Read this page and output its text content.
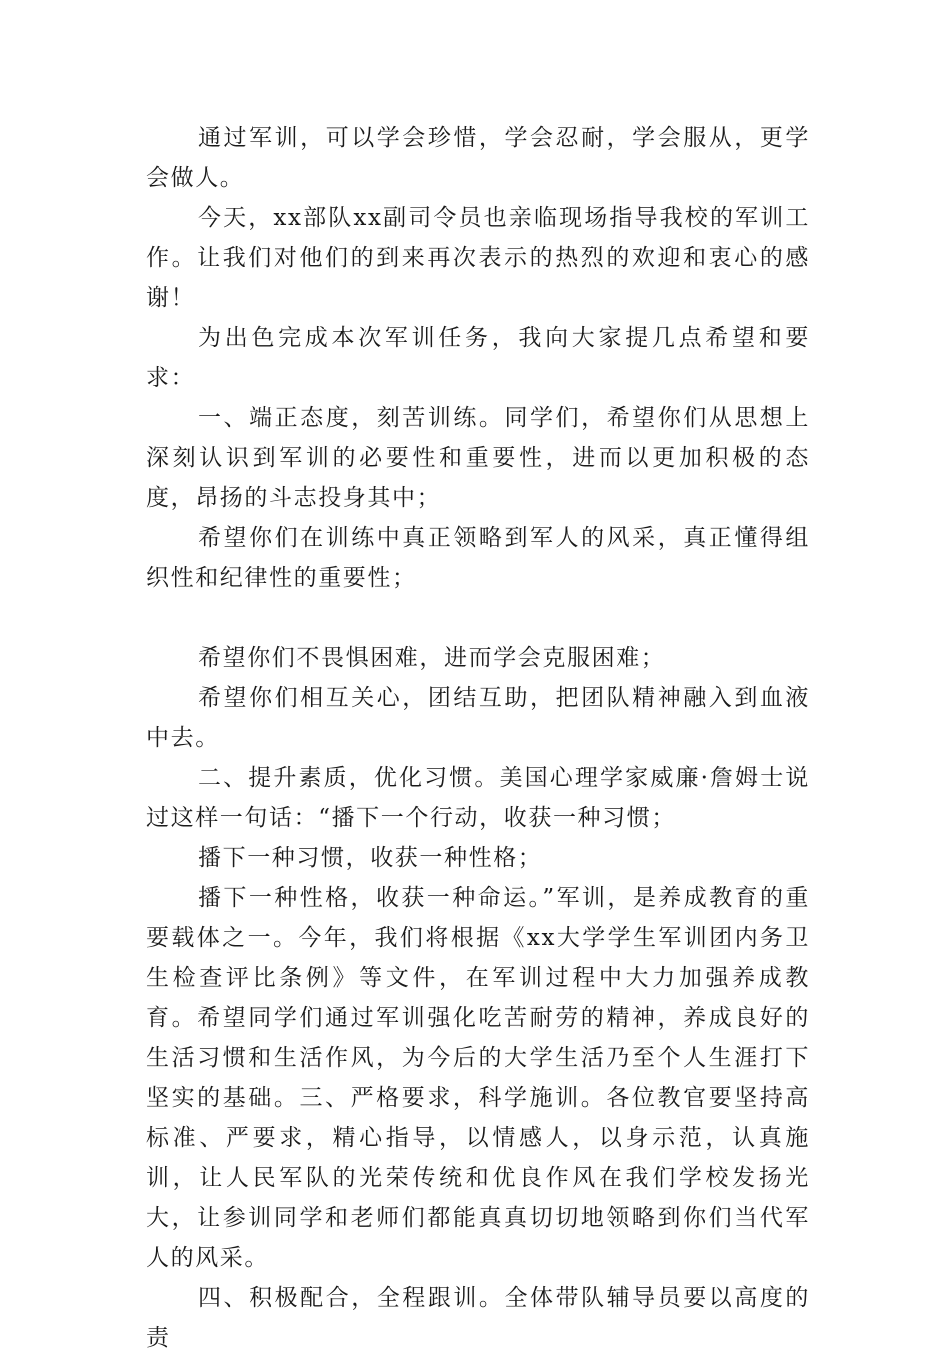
通过军训，可以学会珍惜，学会忍耐，学会服从，更学会做人。

今天，xx部队xx副司令员也亲临现场指导我校的军训工作。让我们对他们的到来再次表示的热烈的欢迎和衷心的感谢！

为出色完成本次军训任务，我向大家提几点希望和要求：

一、端正态度，刻苦训练。同学们，希望你们从思想上深刻认识到军训的必要性和重要性，进而以更加积极的态度，昂扬的斗志投身其中；

希望你们在训练中真正领略到军人的风采，真正懂得组织性和纪律性的重要性；

希望你们不畏惧困难，进而学会克服困难；

希望你们相互关心，团结互助，把团队精神融入到血液中去。

二、提升素质，优化习惯。美国心理学家威廉·詹姆士说过这样一句话：“播下一个行动，收获一种习惯；

播下一种习惯，收获一种性格；

播下一种性格，收获一种命运。”军训，是养成教育的重要载体之一。今年，我们将根据《xx大学学生军训团内务卫生检查评比条例》等文件，在军训过程中大力加强养成教育。希望同学们通过军训强化吃苦耐劳的精神，养成良好的生活习惯和生活作风，为今后的大学生活乃至个人生涯打下坚实的基础。三、严格要求，科学施训。各位教官要坚持高标准、严要求，精心指导，以情感人，以身示范，认真施训，让人民军队的光荣传统和优良作风在我们学校发扬光大，让参训同学和老师们都能真真切切地领略到你们当代军人的风采。

四、积极配合，全程跟训。全体带队辅导员要以高度的责
